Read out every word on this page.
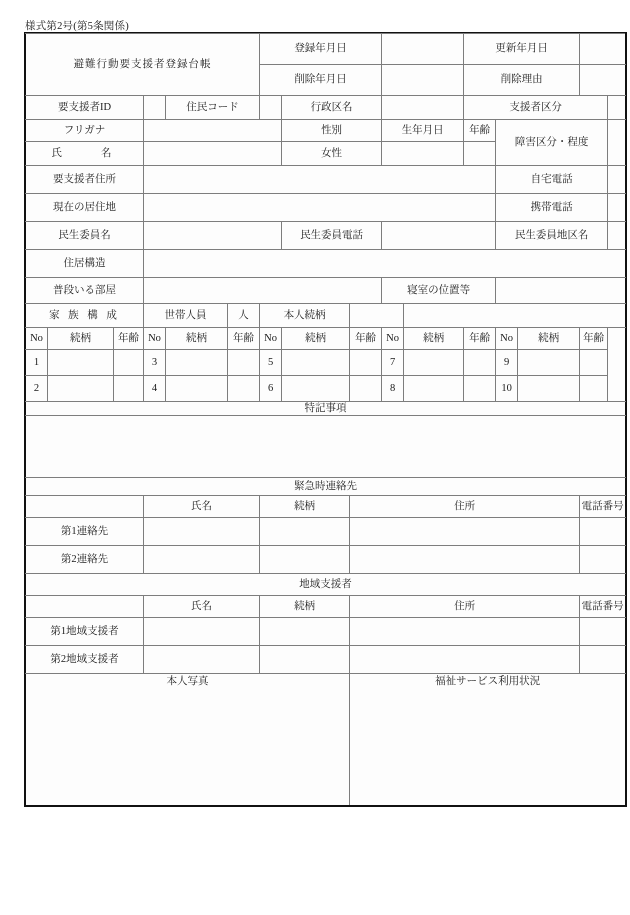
様式第2号(第5条関係)
避難行動要支援者登録台帳						登録年月日					更新年月日				
						削除年月日					削除理由				
要支援者ID				住民コード			行政区名				支援者区分				
フリガナ							性別		生年月日		年齢	障害区分・程度			
氏　　名							女性								
要支援者住所												自宅電話			
現在の居住地												携帯電話			
民生委員名							民生委員電話					民生委員地区名			
住居構造															
普段いる部屋									寝室の位置等						
家 族 構 成			世帯人員		人	本人続柄									
No	続柄	年齢	No	続柄	年齢	No	続柄	年齢	No	続柄	年齢	No	続柄	年齢	
1			3			5			7			9			
2			4			6			8			10			
特記事項															

緊急時連絡先															
			氏名			続柄		住所						電話番号	
第1連絡先															
第2連絡先															
地域支援者															
			氏名			続柄		住所						電話番号	
第1地域支援者															
第2地域支援者															
本人写真								福祉サービス利用状況							
